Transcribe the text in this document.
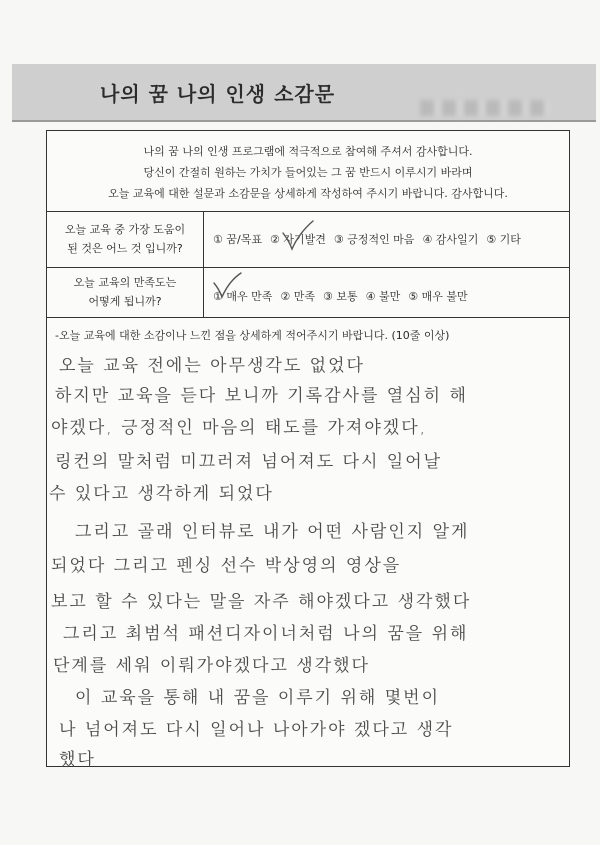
나의 꿈 나의 인생 소감문

나의 꿈 나의 인생 프로그램에 적극적으로 참여해 주셔서 감사합니다.

당신이 간절히 원하는 가치가 들어있는 그 꿈 반드시 이루시기 바라며

오늘 교육에 대한 설문과 소감문을 상세하게 작성하여 주시기 바랍니다. 감사합니다.

오늘 교육 중 가장 도움이
된 것은 어느 것 입니까?
① 꿈/목표 ② 자기발견 ③ 긍정적인 마음 ④ 감사일기 ⑤ 기타
오늘 교육의 만족도는
어떻게 됩니까?	① 매우 만족 ② 만족 ③ 보통 ④ 불만 ⑤ 매우 불만
-오늘 교육에 대한 소감이나 느낀 점을 상세하게 적어주시기 바랍니다. (10줄 이상)
오늘 교육 전에는 아무생각도 없었다
하지만 교육을 듣다 보니까 기록감사를 열심히 해
야겠다, 긍정적인 마음의 태도를 가져야겠다,
링컨의 말처럼 미끄러져 넘어져도 다시 일어날
수 있다고 생각하게 되었다
그리고 골래 인터뷰로 내가 어떤 사람인지 알게
되었다 그리고 펜싱 선수 박상영의 영상을
보고 할 수 있다는 말을 자주 해야겠다고 생각했다
그리고 최범석 패션디자이너처럼 나의 꿈을 위해
단계를 세워 이뤄가야겠다고 생각했다
이 교육을 통해 내 꿈을 이루기 위해 몇번이
나 넘어져도 다시 일어나 나아가야 겠다고 생각
했다
